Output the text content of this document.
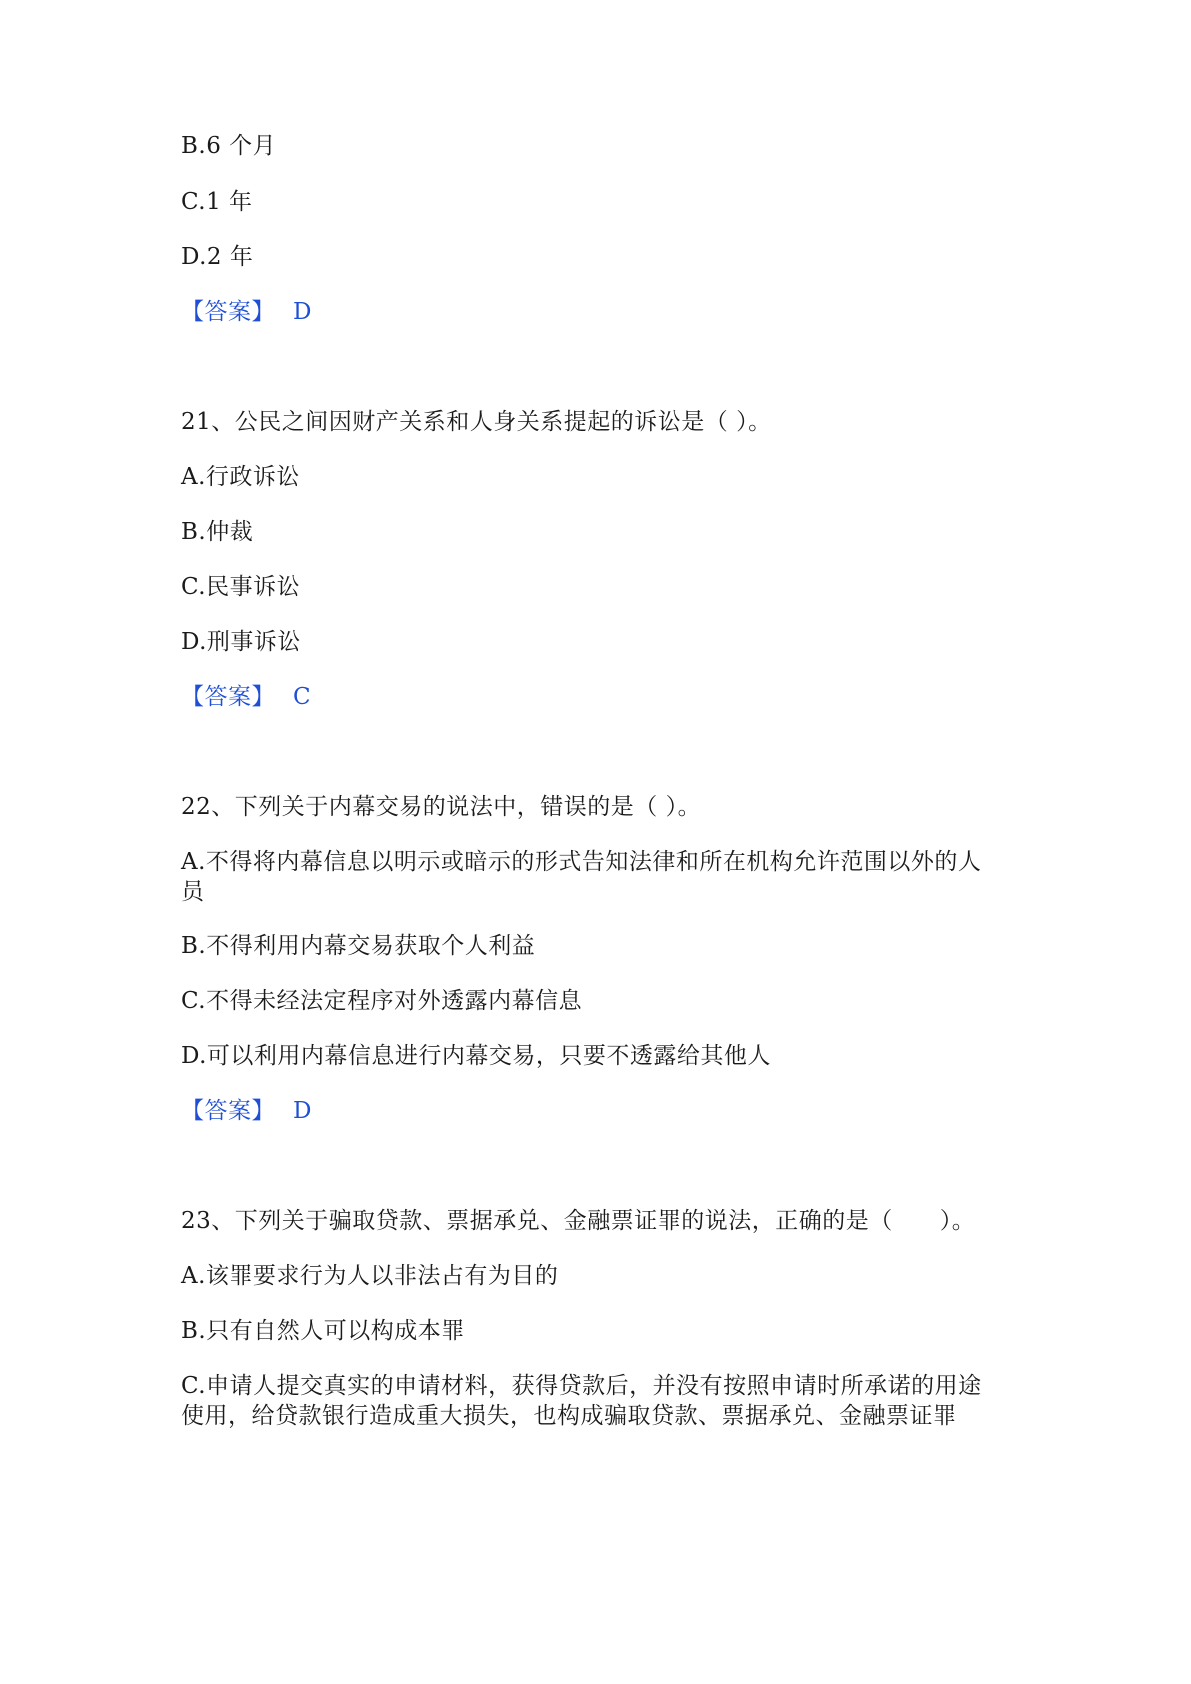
B.6 个月
C.1 年
D.2 年
【答案】 D
21、公民之间因财产关系和人身关系提起的诉讼是（ ）。
A.行政诉讼
B.仲裁
C.民事诉讼
D.刑事诉讼
【答案】 C
22、下列关于内幕交易的说法中，错误的是（ ）。
A.不得将内幕信息以明示或暗示的形式告知法律和所在机构允许范围以外的人
员
B.不得利用内幕交易获取个人利益
C.不得未经法定程序对外透露内幕信息
D.可以利用内幕信息进行内幕交易，只要不透露给其他人
【答案】 D
23、下列关于骗取贷款、票据承兑、金融票证罪的说法，正确的是（　　）。
A.该罪要求行为人以非法占有为目的
B.只有自然人可以构成本罪
C.申请人提交真实的申请材料，获得贷款后，并没有按照申请时所承诺的用途
使用，给贷款银行造成重大损失，也构成骗取贷款、票据承兑、金融票证罪
